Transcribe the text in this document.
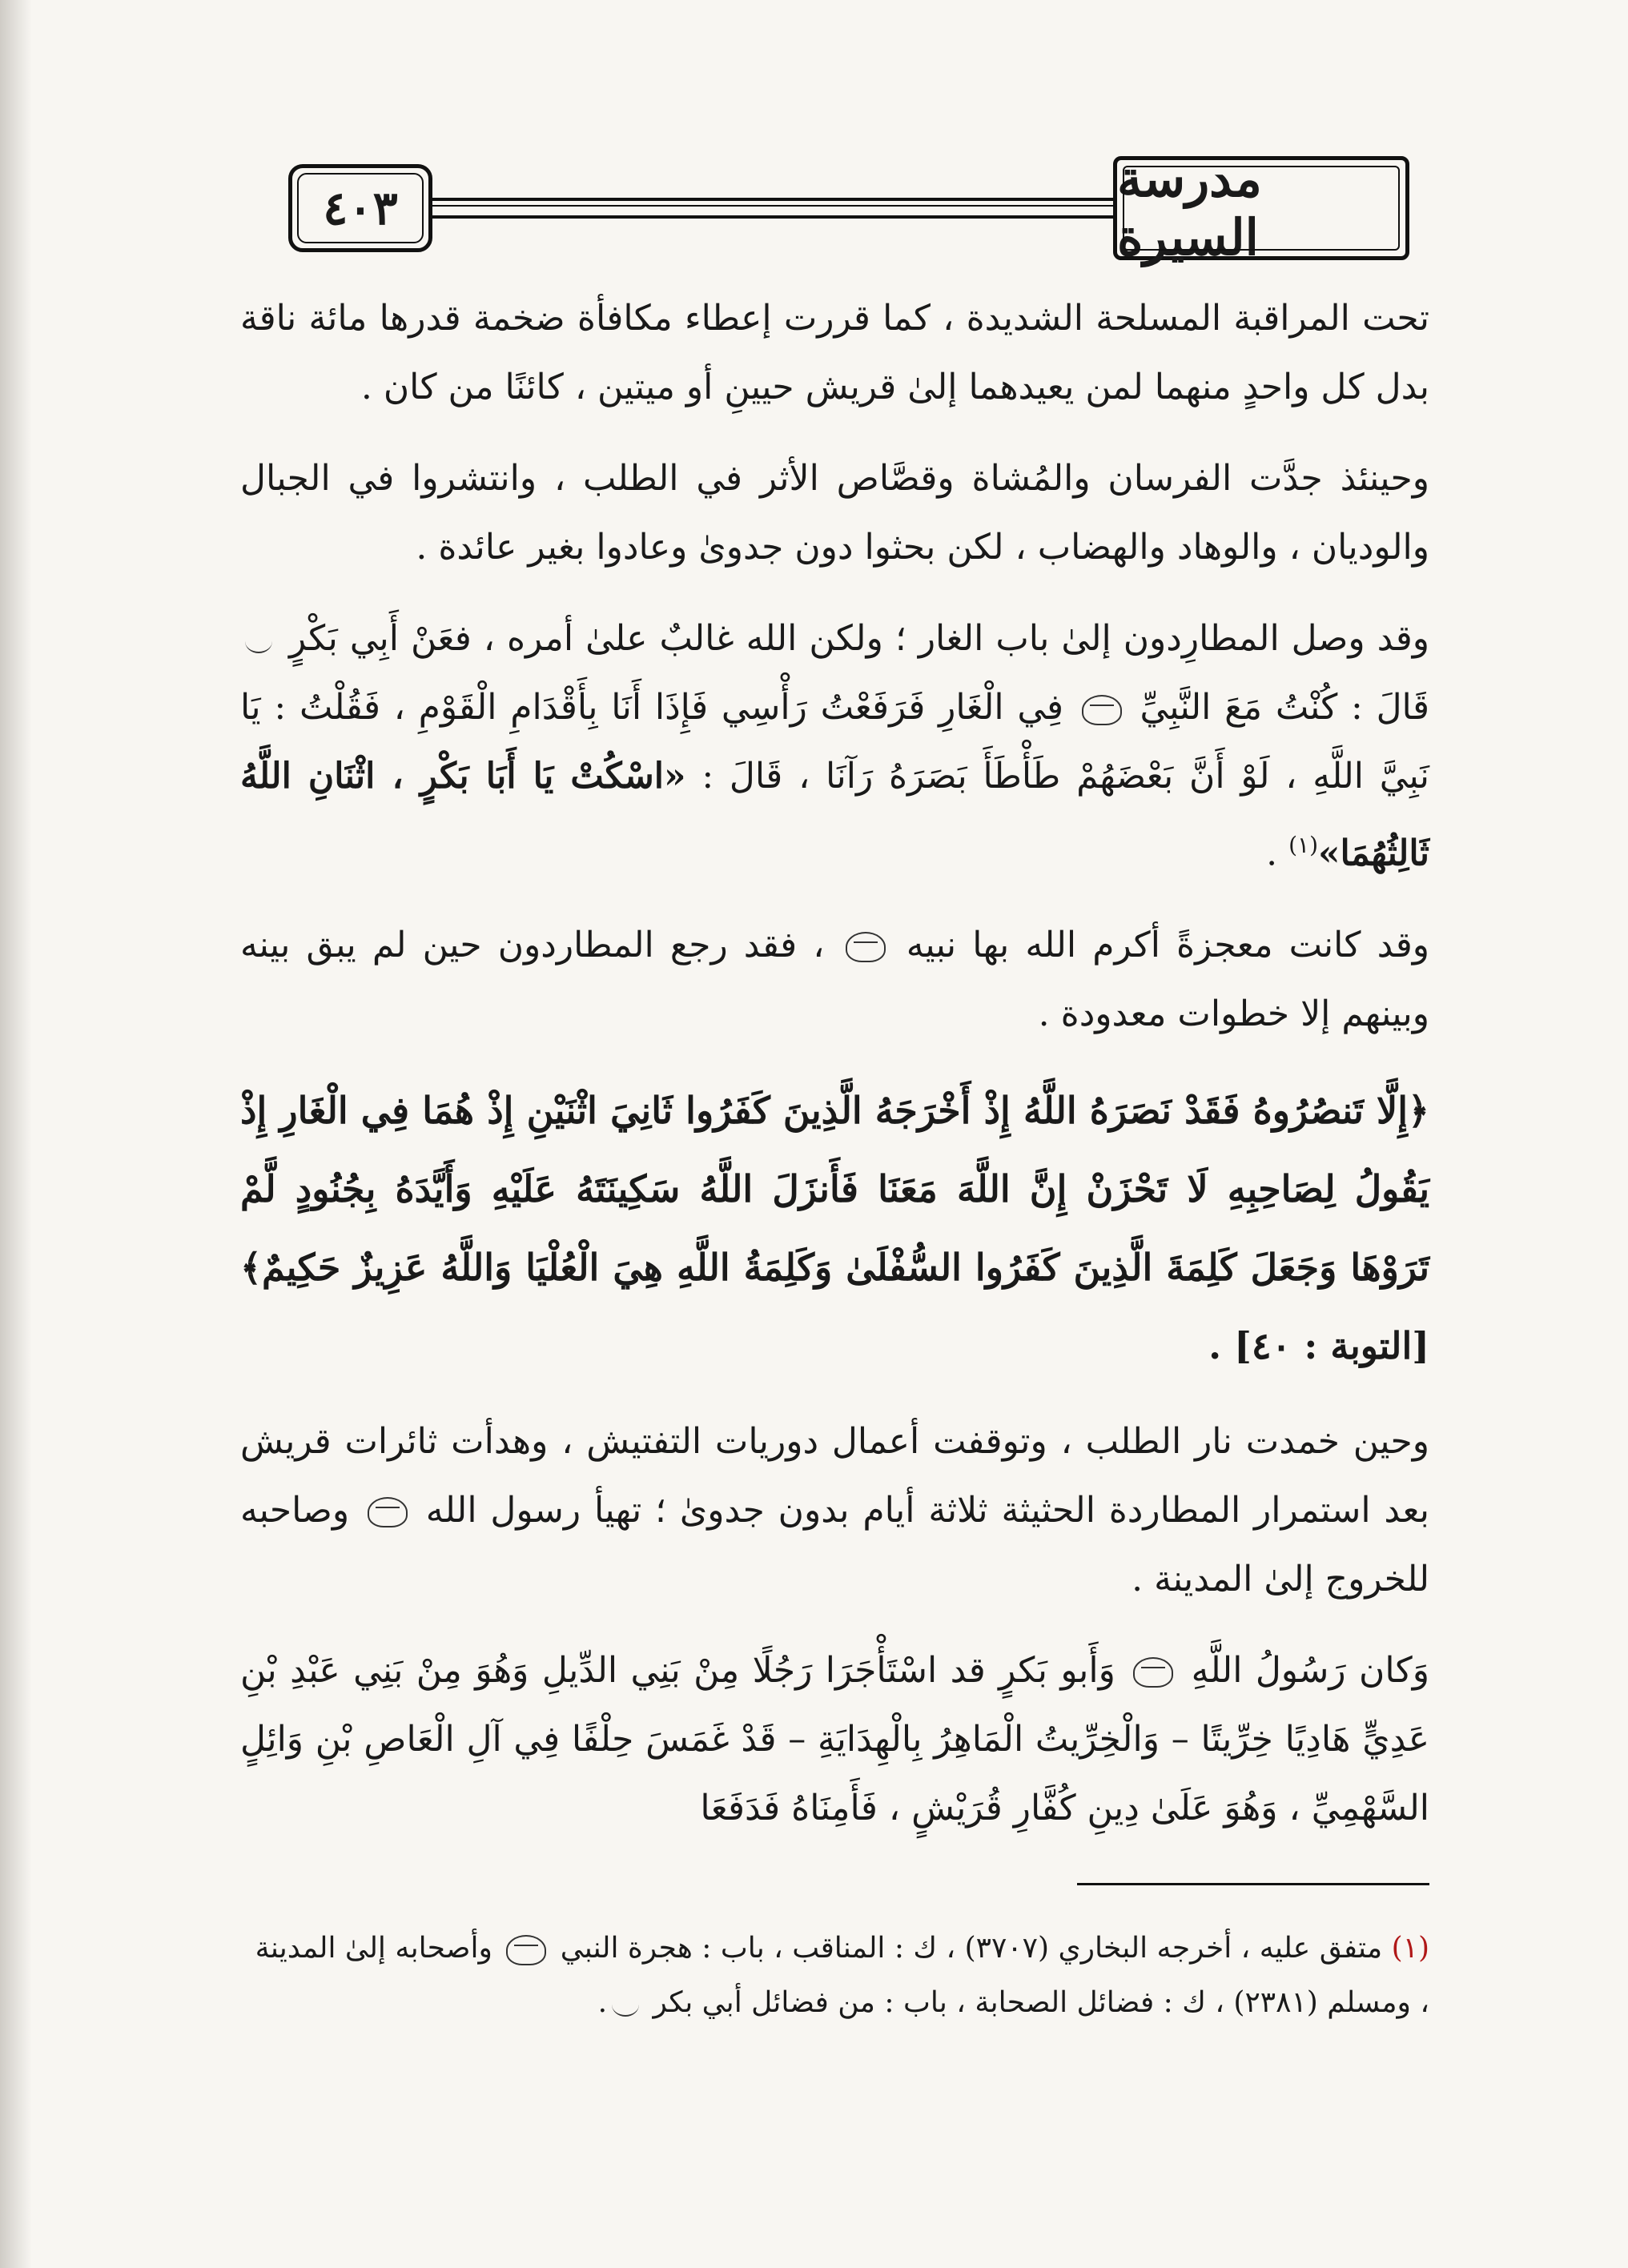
٤٠٣	مدرسة السيرة

تحت المراقبة المسلحة الشديدة ، كما قررت إعطاء مكافأة ضخمة قدرها مائة ناقة بدل كل واحدٍ منهما لمن يعيدهما إلىٰ قريش حيينِ أو ميتين ، كائنًا من كان .

وحينئذ جدَّت الفرسان والمُشاة وقصَّاص الأثر في الطلب ، وانتشروا في الجبال والوديان ، والوهاد والهضاب ، لكن بحثوا دون جدوىٰ وعادوا بغير عائدة .

وقد وصل المطارِدون إلىٰ باب الغار ؛ ولكن الله غالبٌ علىٰ أمره ، فعَنْ أَبِي بَكْرٍ  قَالَ : كُنْتُ مَعَ النَّبِيِّ  فِي الْغَارِ فَرَفَعْتُ رَأْسِي فَإِذَا أَنَا بِأَقْدَامِ الْقَوْمِ ، فَقُلْتُ : يَا نَبِيَّ اللَّهِ ، لَوْ أَنَّ بَعْضَهُمْ طَأْطَأَ بَصَرَهُ رَآنَا ، قَالَ : «اسْكُتْ يَا أَبَا بَكْرٍ ، اثْنَانِ اللَّهُ ثَالِثُهُمَا»$^{(١)}$ .

وقد كانت معجزةً أكرم الله بها نبيه  ، فقد رجع المطاردون حين لم يبق بينه وبينهم إلا خطوات معدودة .

﴿إِلَّا تَنصُرُوهُ فَقَدْ نَصَرَهُ اللَّهُ إِذْ أَخْرَجَهُ الَّذِينَ كَفَرُوا ثَانِيَ اثْنَيْنِ إِذْ هُمَا فِي الْغَارِ إِذْ يَقُولُ لِصَاحِبِهِ لَا تَحْزَنْ إِنَّ اللَّهَ مَعَنَا فَأَنزَلَ اللَّهُ سَكِينَتَهُ عَلَيْهِ وَأَيَّدَهُ بِجُنُودٍ لَّمْ تَرَوْهَا وَجَعَلَ كَلِمَةَ الَّذِينَ كَفَرُوا السُّفْلَىٰ وَكَلِمَةُ اللَّهِ هِيَ الْعُلْيَا وَاللَّهُ عَزِيزٌ حَكِيمٌ﴾ [التوبة : ٤٠] .

وحين خمدت نار الطلب ، وتوقفت أعمال دوريات التفتيش ، وهدأت ثائرات قريش بعد استمرار المطاردة الحثيثة ثلاثة أيام بدون جدوىٰ ؛ تهيأ رسول الله  وصاحبه للخروج إلىٰ المدينة .

وَكان رَسُولُ اللَّهِ  وَأَبو بَكرٍ قد اسْتَأْجَرَا رَجُلًا مِنْ بَنِي الدِّيلِ وَهُوَ مِنْ بَنِي عَبْدِ بْنِ عَدِيٍّ هَادِيًا خِرِّيتًا – وَالْخِرِّيتُ الْمَاهِرُ بِالْهِدَايَةِ – قَدْ غَمَسَ حِلْفًا فِي آلِ الْعَاصِ بْنِ وَائِلٍ السَّهْمِيِّ ، وَهُوَ عَلَىٰ دِينِ كُفَّارِ قُرَيْشٍ ، فَأَمِنَاهُ فَدَفَعَا

(١) متفق عليه ، أخرجه البخاري (٣٧٠٧) ، ك : المناقب ، باب : هجرة النبي  وأصحابه إلىٰ المدينة ، ومسلم (٢٣٨١) ، ك : فضائل الصحابة ، باب : من فضائل أبي بكر .
